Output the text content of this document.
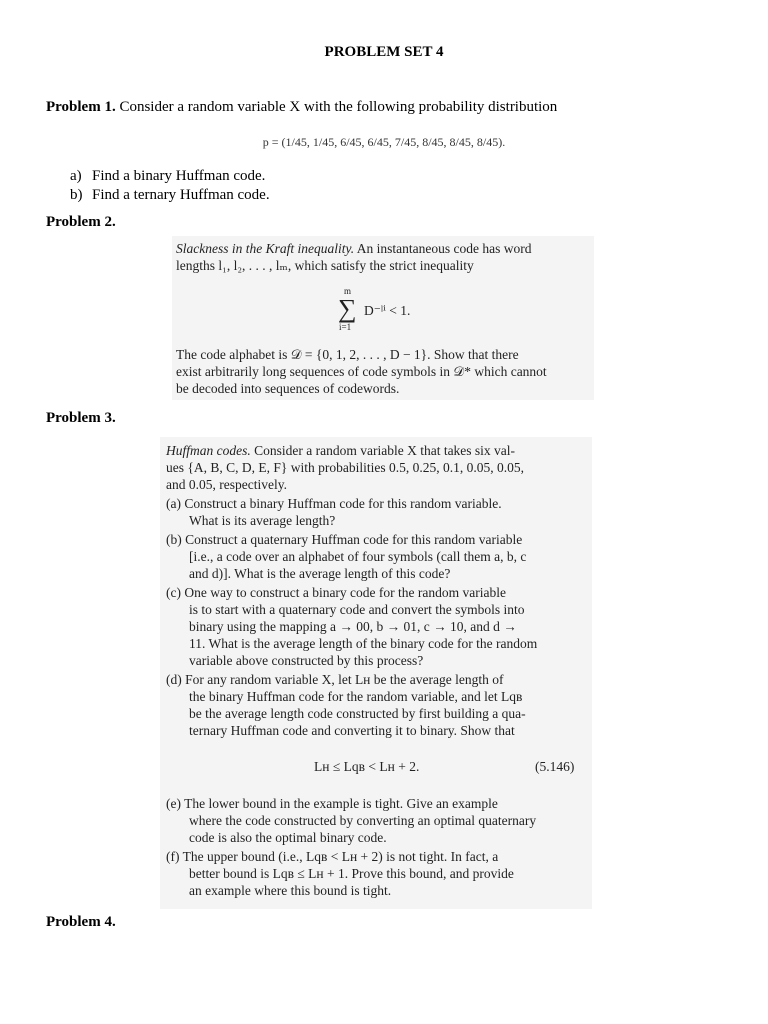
PROBLEM SET 4
Problem 1. Consider a random variable X with the following probability distribution
p = (1/45, 1/45, 6/45, 6/45, 7/45, 8/45, 8/45, 8/45).
a) Find a binary Huffman code.
b) Find a ternary Huffman code.
Problem 2.
Slackness in the Kraft inequality. An instantaneous code has word
lengths l₁, l₂, . . . , lₘ, which satisfy the strict inequality
m
∑ D⁻ˡⁱ < 1.
i=1
The code alphabet is 𝒟 = {0, 1, 2, . . . , D − 1}. Show that there
exist arbitrarily long sequences of code symbols in 𝒟* which cannot
be decoded into sequences of codewords.
Problem 3.
Huffman codes. Consider a random variable X that takes six val-
ues {A, B, C, D, E, F} with probabilities 0.5, 0.25, 0.1, 0.05, 0.05,
and 0.05, respectively.
(a) Construct a binary Huffman code for this random variable.
What is its average length?
(b) Construct a quaternary Huffman code for this random variable
[i.e., a code over an alphabet of four symbols (call them a, b, c
and d)]. What is the average length of this code?
(c) One way to construct a binary code for the random variable
is to start with a quaternary code and convert the symbols into
binary using the mapping a → 00, b → 01, c → 10, and d →
11. What is the average length of the binary code for the random
variable above constructed by this process?
(d) For any random variable X, let Lʜ be the average length of
the binary Huffman code for the random variable, and let Lqʙ
be the average length code constructed by first building a qua-
ternary Huffman code and converting it to binary. Show that
Lʜ ≤ Lqʙ < Lʜ + 2.	(5.146)
(e) The lower bound in the example is tight. Give an example
where the code constructed by converting an optimal quaternary
code is also the optimal binary code.
(f) The upper bound (i.e., Lqʙ < Lʜ + 2) is not tight. In fact, a
better bound is Lqʙ ≤ Lʜ + 1. Prove this bound, and provide
an example where this bound is tight.
Problem 4.
